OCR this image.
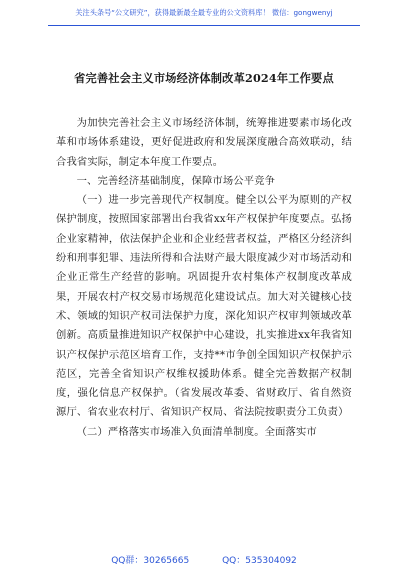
关注头条号“公文研究”，获得最新最全最专业的公文资料库！ 微信：gongwenyj
省完善社会主义市场经济体制改革2024年工作要点

为加快完善社会主义市场经济体制，统筹推进要素市场化改革和市场体系建设，更好促进政府和发展深度融合高效联动，结合我省实际，制定本年度工作要点。

一、完善经济基础制度，保障市场公平竞争

（一）进一步完善现代产权制度。健全以公平为原则的产权保护制度，按照国家部署出台我省xx年产权保护年度要点。弘扬企业家精神，依法保护企业和企业经营者权益，严格区分经济纠纷和刑事犯罪、违法所得和合法财产最大限度减少对市场活动和企业正常生产经营的影响。巩固提升农村集体产权制度改革成果，开展农村产权交易市场规范化建设试点。加大对关键核心技术、领域的知识产权司法保护力度，深化知识产权审判领域改革创新。高质量推进知识产权保护中心建设，扎实推进xx年我省知识产权保护示范区培育工作，支持**市争创全国知识产权保护示范区，完善全省知识产权维权援助体系。健全完善数据产权制度，强化信息产权保护。（省发展改革委、省财政厅、省自然资源厅、省农业农村厅、省知识产权局、省法院按职责分工负责）

（二）严格落实市场准入负面清单制度。全面落实市

QQ群：30265665	QQ：535304092
